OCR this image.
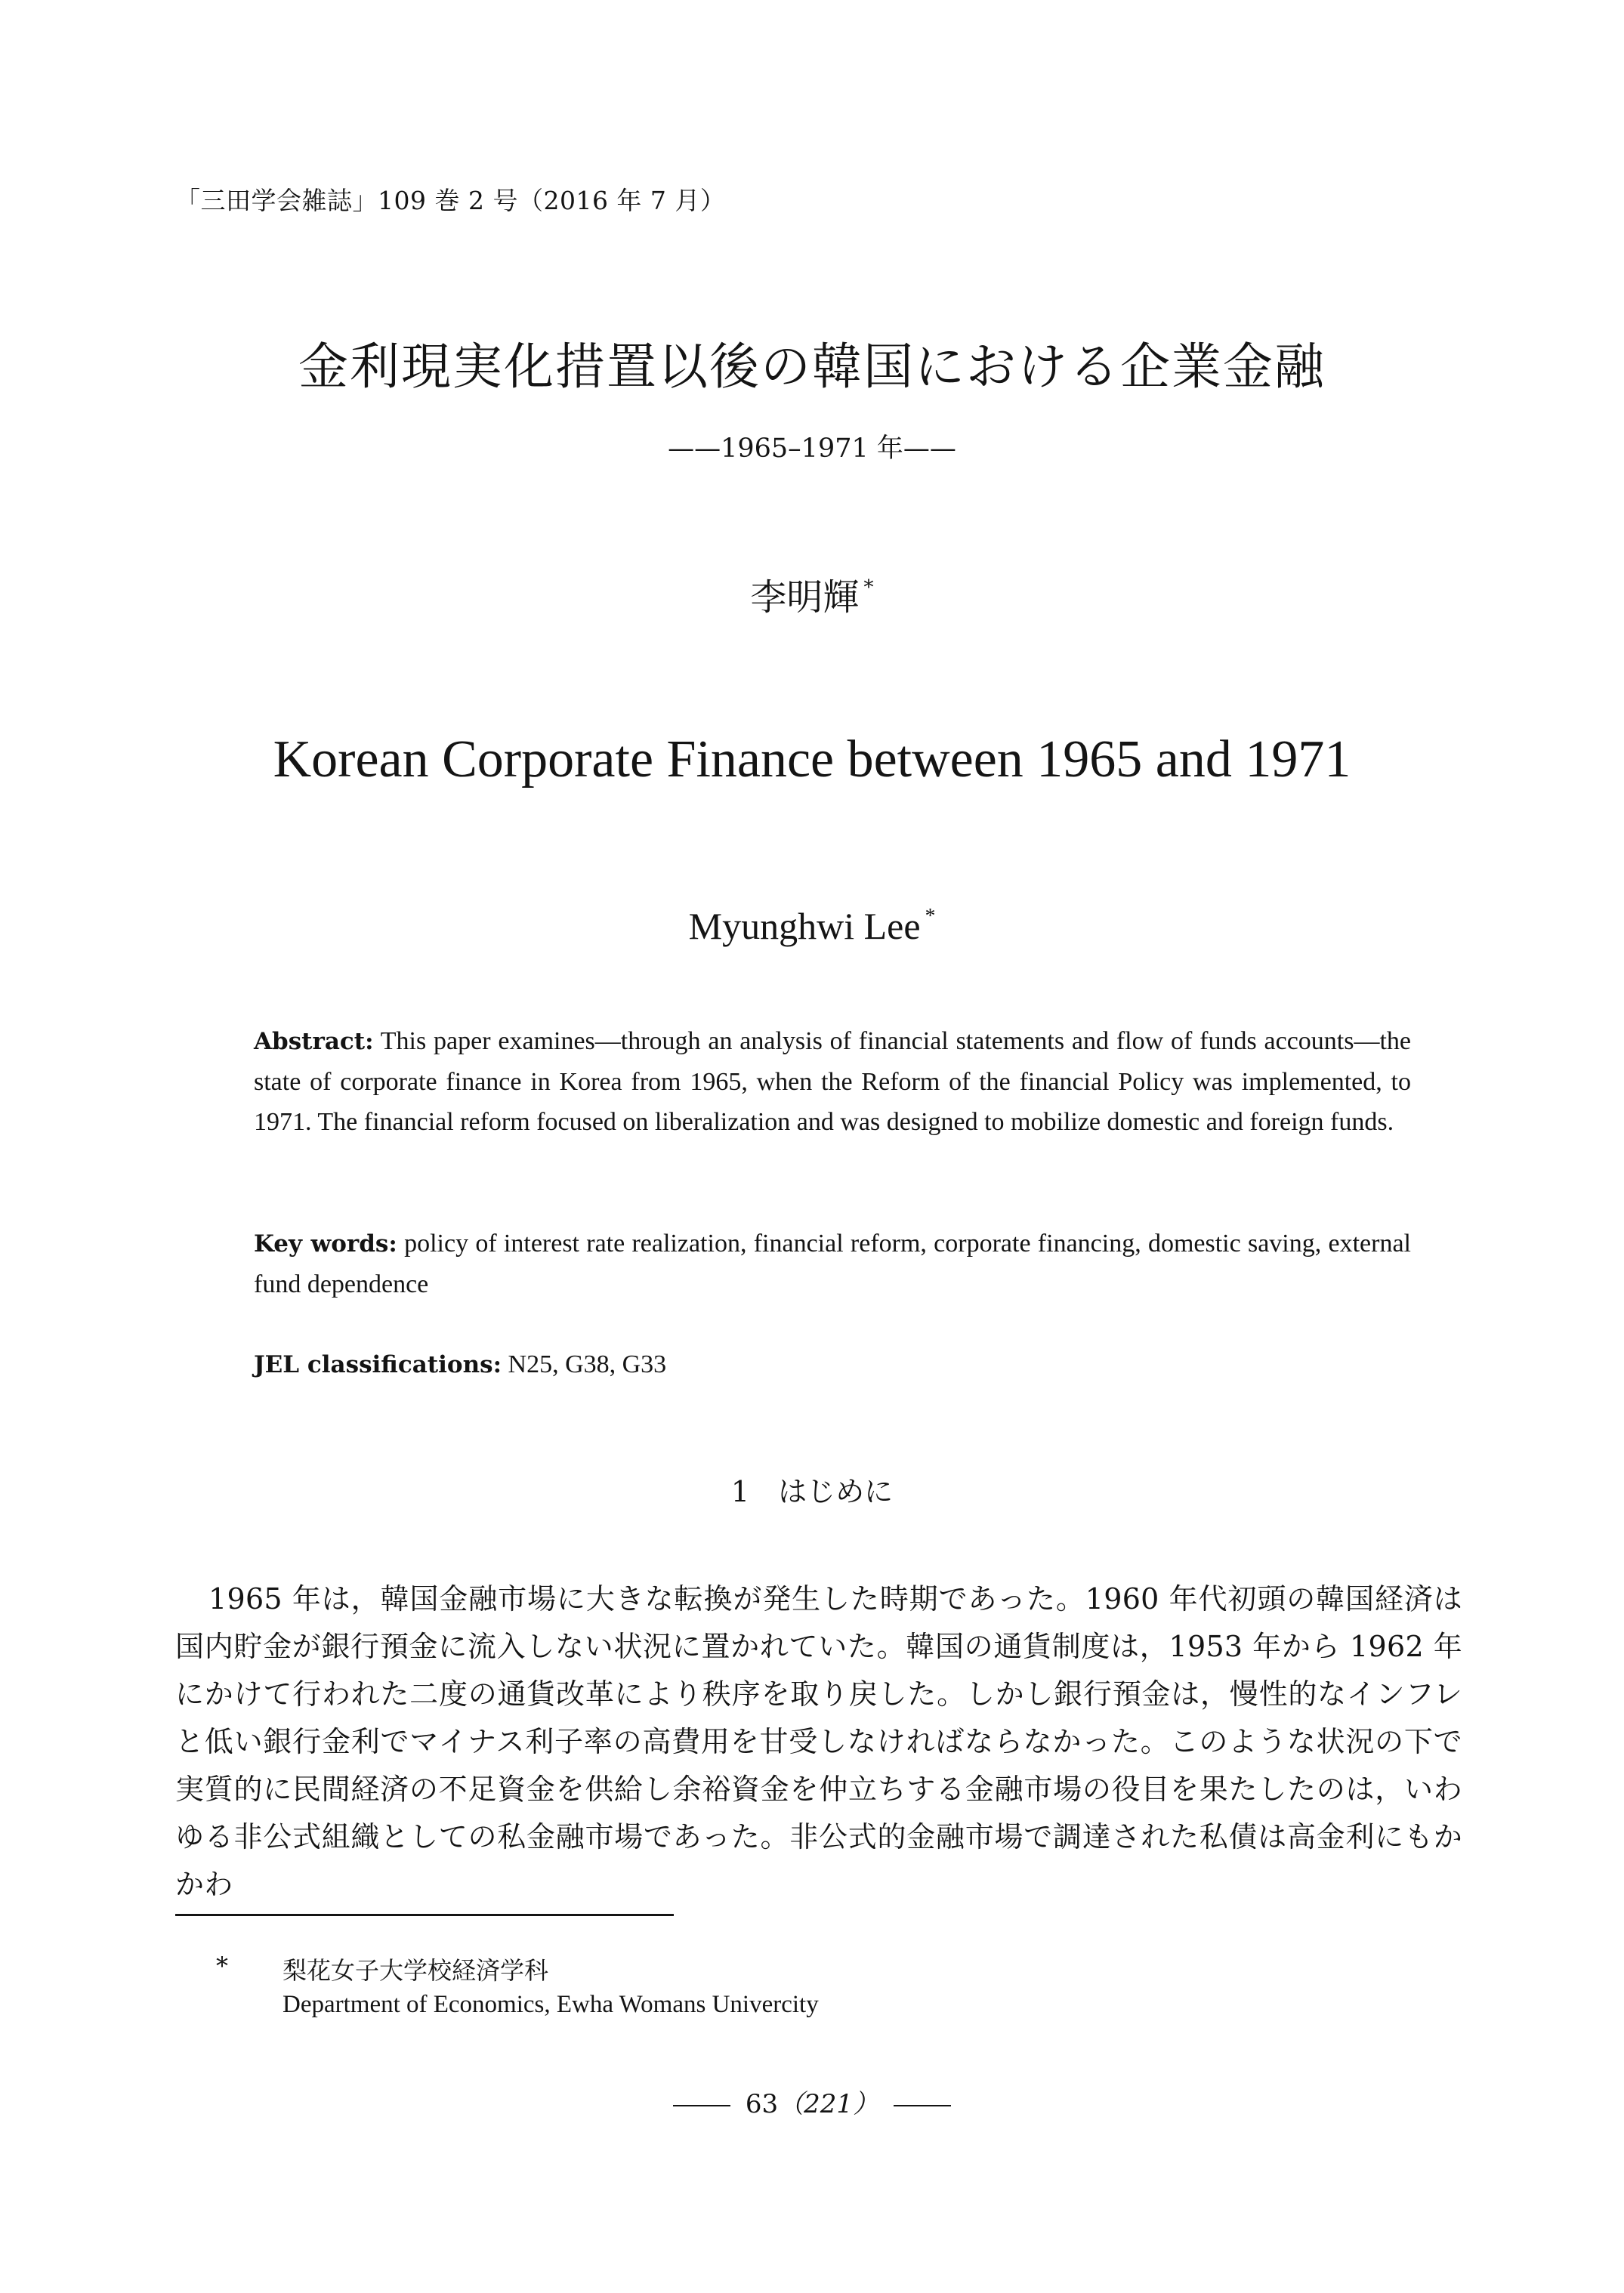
「三田学会雑誌」109 巻 2 号（2016 年 7 月）
金利現実化措置以後の韓国における企業金融
——1965–1971 年——
李明輝 *
Korean Corporate Finance between 1965 and 1971
Myunghwi Lee *
Abstract: This paper examines—through an analysis of financial statements and flow of funds accounts—the state of corporate finance in Korea from 1965, when the Reform of the financial Policy was implemented, to 1971. The financial reform focused on liberalization and was designed to mobilize domestic and foreign funds.
Key words: policy of interest rate realization, financial reform, corporate financing, domestic saving, external fund dependence
JEL classifications: N25, G38, G33
1　 はじめに
1965 年は，韓国金融市場に大きな転換が発生した時期であった。1960 年代初頭の韓国経済は国内貯金が銀行預金に流入しない状況に置かれていた。韓国の通貨制度は，1953 年から 1962 年にかけて行われた二度の通貨改革により秩序を取り戻した。しかし銀行預金は，慢性的なインフレと低い銀行金利でマイナス利子率の高費用を甘受しなければならなかった。このような状況の下で実質的に民間経済の不足資金を供給し余裕資金を仲立ちする金融市場の役目を果たしたのは，いわゆる非公式組織としての私金融市場であった。非公式的金融市場で調達された私債は高金利にもかかわ
* 梨花女子大学校経済学科
Department of Economics, Ewha Womans Univercity
63（221）
